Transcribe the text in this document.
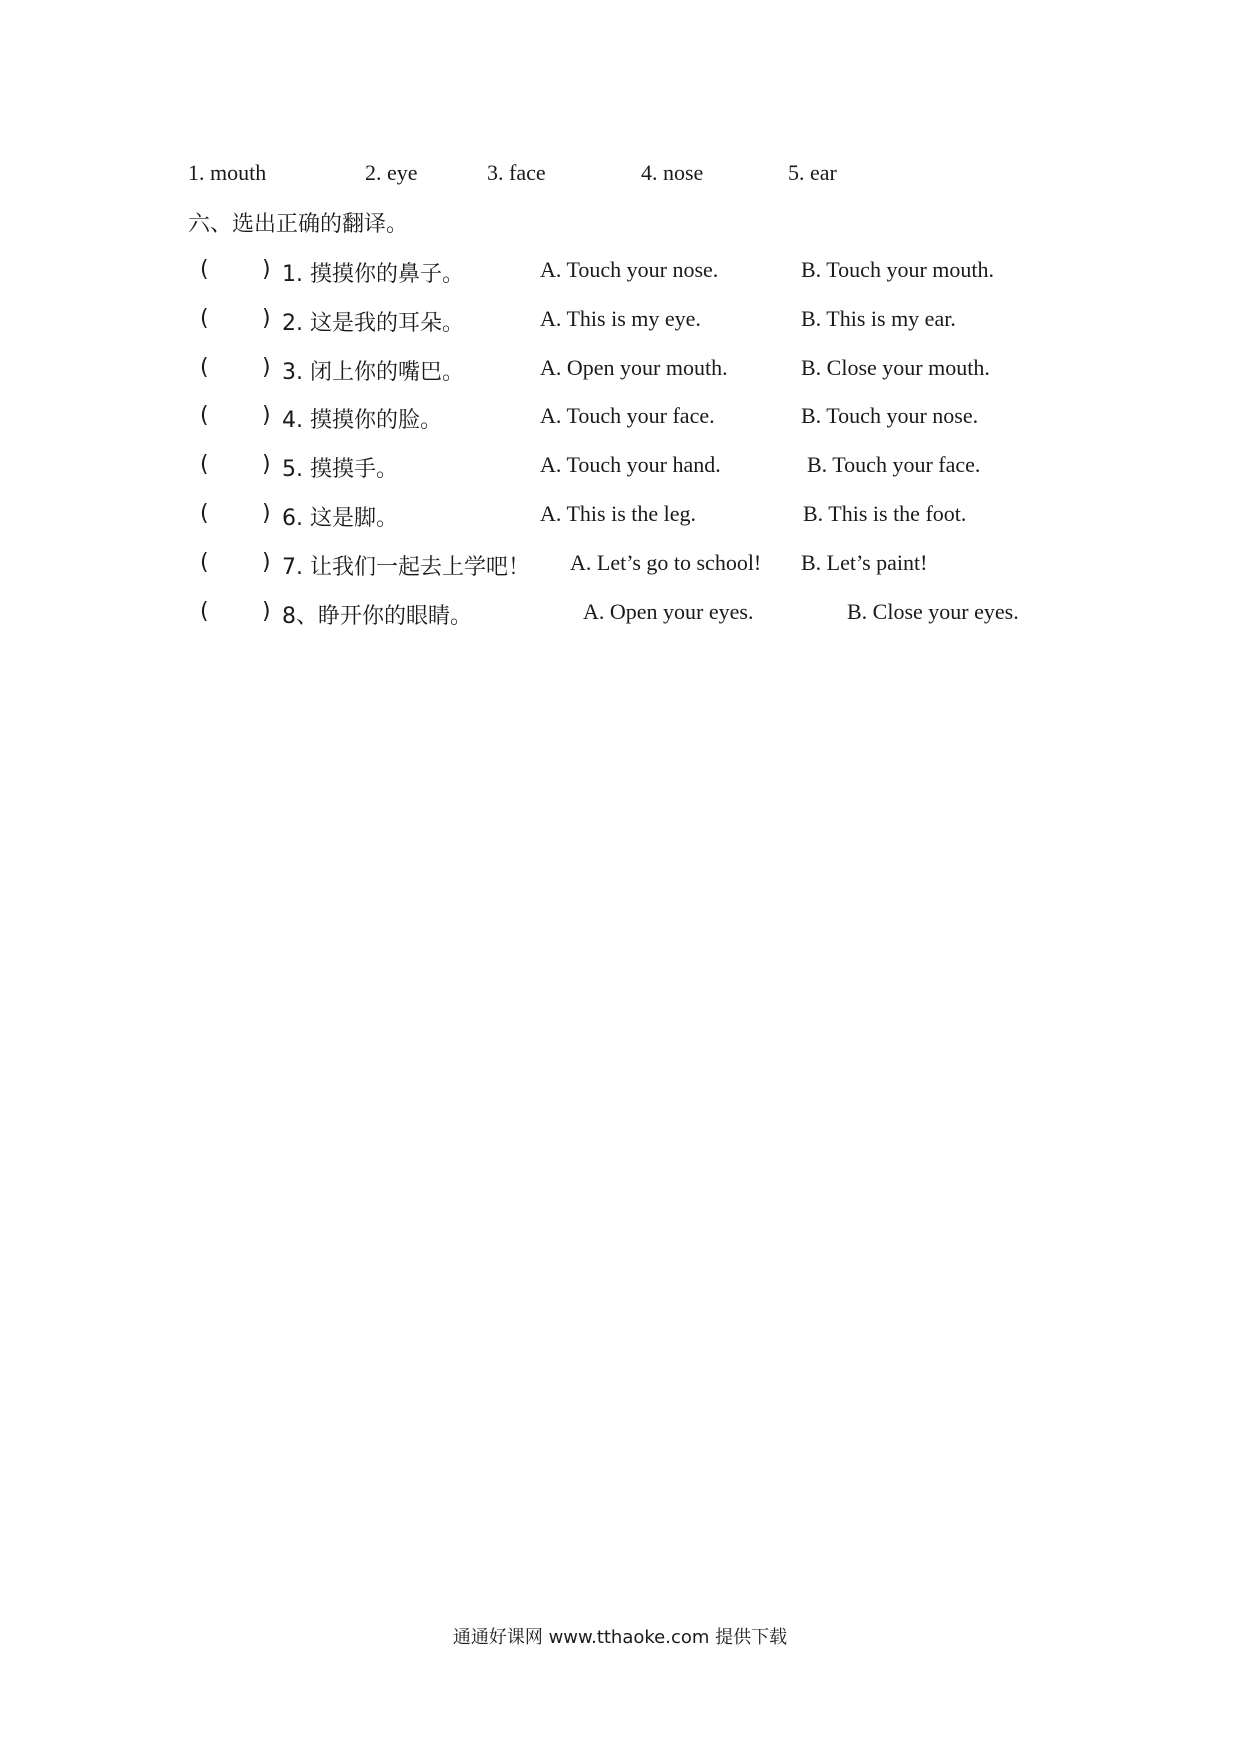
1. mouth	2. eye	3. face	4. nose	5. ear
六、选出正确的翻译。
( ) 1. 摸摸你的鼻子。	A. Touch your nose.	B. Touch your mouth.
( ) 2. 这是我的耳朵。	A. This is my eye.	B. This is my ear.
( ) 3. 闭上你的嘴巴。	A. Open your mouth.	B. Close your mouth.
( ) 4. 摸摸你的脸。	A. Touch your face.	B. Touch your nose.
( ) 5. 摸摸手。	A. Touch your hand.	B. Touch your face.
( ) 6. 这是脚。	A. This is the leg.	B. This is the foot.
( ) 7. 让我们一起去上学吧！ A. Let’s go to school! B. Let’s paint!
( ) 8、睁开你的眼睛。	A. Open your eyes.	B. Close your eyes.
通通好课网 www.tthaoke.com 提供下载
